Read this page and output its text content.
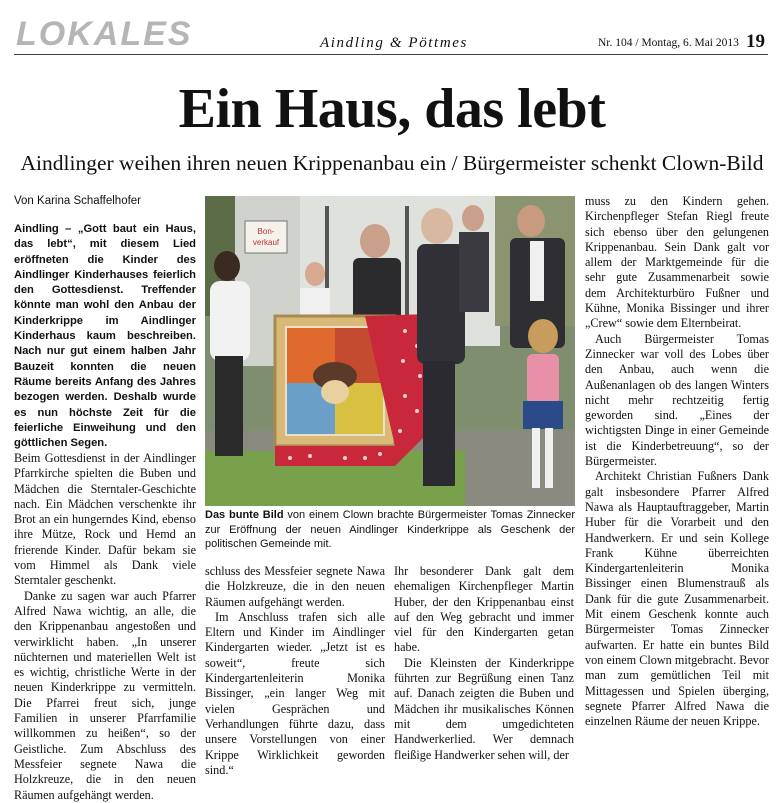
LOKALES	Aindling & Pöttmes	Nr. 104 / Montag, 6. Mai 2013 19
Ein Haus, das lebt
Aindlinger weihen ihren neuen Krippenanbau ein / Bürgermeister schenkt Clown-Bild
Von Karina Schaffelhofer

Aindling – „Gott baut ein Haus, das lebt“, mit diesem Lied eröffneten die Kinder des Aindlinger Kinderhauses feierlich den Gottesdienst. Treffender könnte man wohl den Anbau der Kinderkrippe im Aindlinger Kinderhaus kaum beschreiben. Nach nur gut einem halben Jahr Bauzeit konnten die neuen Räume bereits Anfang des Jahres bezogen werden. Deshalb wurde es nun höchste Zeit für die feierliche Einweihung und den göttlichen Segen.

Beim Gottesdienst in der Aindlinger Pfarrkirche spielten die Buben und Mädchen die Sterntaler-Geschichte nach. Ein Mädchen verschenkte ihr Brot an ein hungerndes Kind, ebenso ihre Mütze, Rock und Hemd an frierende Kinder. Dafür bekam sie vom Himmel als Dank viele Sterntaler geschenkt.

Danke zu sagen war auch Pfarrer Alfred Nawa wichtig, an alle, die den Krippenanbau angestoßen und verwirklicht haben. „In unserer nüchternen und materiellen Welt ist es wichtig, christliche Werte in der neuen Kinderkrippe zu vermitteln. Die Pfarrei freut sich, junge Familien in unserer Pfarrfamilie willkommen zu heißen“, so der Geistliche. Zum Abschluss des Messfeier segnete Nawa die Holzkreuze, die in den neuen Räumen aufgehängt werden.

Bon-
verkauf
Das bunte Bild von einem Clown brachte Bürgermeister Tomas Zinnecker zur Eröffnung der neuen Aindlinger Kinderkrippe als Geschenk der politischen Gemeinde mit.

schluss des Messfeier segnete Nawa die Holzkreuze, die in den neuen Räumen aufgehängt werden.

Im Anschluss trafen sich alle Eltern und Kinder im Aindlinger Kindergarten wieder. „Jetzt ist es soweit“, freute sich Kindergartenleiterin Monika Bissinger, „ein langer Weg mit vielen Gesprächen und Verhandlungen führte dazu, dass unsere Vorstellungen von einer Krippe Wirklichkeit geworden sind.“

Ihr besonderer Dank galt dem ehemaligen Kirchenpfleger Martin Huber, der den Krippenanbau einst auf den Weg gebracht und immer viel für den Kindergarten getan habe.

Die Kleinsten der Kinderkrippe führten zur Begrüßung einen Tanz auf. Danach zeigten die Buben und Mädchen ihr musikalisches Können mit dem umgedichteten Handwerkerlied. Wer demnach fleißige Handwerker sehen will, der

muss zu den Kindern gehen. Kirchenpfleger Stefan Riegl freute sich ebenso über den gelungenen Krippenanbau. Sein Dank galt vor allem der Marktgemeinde für die sehr gute Zusammenarbeit sowie dem Architekturbüro Fußner und Kühne, Monika Bissinger und ihrer „Crew“ sowie dem Elternbeirat.

Auch Bürgermeister Tomas Zinnecker war voll des Lobes über den Anbau, auch wenn die Außenanlagen ob des langen Winters nicht mehr rechtzeitig fertig geworden sind. „Eines der wichtigsten Dinge in einer Gemeinde ist die Kinderbetreuung“, so der Bürgermeister.

Architekt Christian Fußners Dank galt insbesondere Pfarrer Alfred Nawa als Hauptauftraggeber, Martin Huber für die Vorarbeit und den Handwerkern. Er und sein Kollege Frank Kühne überreichten Kindergartenleiterin Monika Bissinger einen Blumenstrauß als Dank für die gute Zusammenarbeit. Mit einem Geschenk konnte auch Bürgermeister Tomas Zinnecker aufwarten. Er hatte ein buntes Bild von einem Clown mitgebracht. Bevor man zum gemütlichen Teil mit Mittagessen und Spielen überging, segnete Pfarrer Alfred Nawa die einzelnen Räume der neuen Krippe.
